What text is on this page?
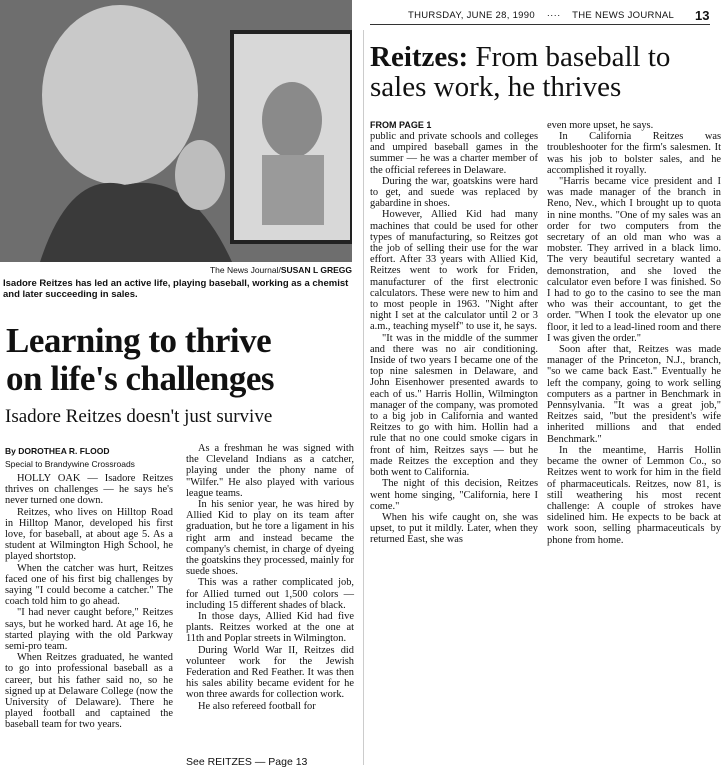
The News Journal/SUSAN L GREGG
Isadore Reitzes has led an active life, playing baseball, working as a chemist and later succeeding in sales.
Learning to thrive
on life's challenges
Isadore Reitzes doesn't just survive
By DOROTHEA R. FLOOD
Special to Brandywine Crossroads

HOLLY OAK — Isadore Reitzes thrives on challenges — he says he's never turned one down.

Reitzes, who lives on Hilltop Road in Hilltop Manor, developed his first love, for baseball, at about age 5. As a student at Wilmington High School, he played shortstop.

When the catcher was hurt, Reitzes faced one of his first big challenges by saying "I could become a catcher." The coach told him to go ahead.

"I had never caught before," Reitzes says, but he worked hard. At age 16, he started playing with the old Parkway semi-pro team.

When Reitzes graduated, he wanted to go into professional baseball as a career, but his father said no, so he signed up at Delaware College (now the University of Delaware). There he played football and captained the baseball team for two years.

As a freshman he was signed with the Cleveland Indians as a catcher, playing under the phony name of "Wilfer." He also played with various league teams.

In his senior year, he was hired by Allied Kid to play on its team after graduation, but he tore a ligament in his right arm and instead became the company's chemist, in charge of dyeing the goatskins they processed, mainly for suede shoes.

This was a rather complicated job, for Allied turned out 1,500 colors — including 15 different shades of black.

In those days, Allied Kid had five plants. Reitzes worked at the one at 11th and Poplar streets in Wilmington.

During World War II, Reitzes did volunteer work for the Jewish Federation and Red Feather. It was then his sales ability became evident for he won three awards for collection work.

He also refereed football for

See REITZES — Page 13
THURSDAY, JUNE 28, 1990 ···· THE NEWS JOURNAL 13
Reitzes: From baseball to sales work, he thrives
FROM PAGE 1

public and private schools and colleges and umpired baseball games in the summer — he was a charter member of the official referees in Delaware.

During the war, goatskins were hard to get, and suede was replaced by gabardine in shoes.

However, Allied Kid had many machines that could be used for other types of manufacturing, so Reitzes got the job of selling their use for the war effort. After 33 years with Allied Kid, Reitzes went to work for Friden, manufacturer of the first electronic calculators. These were new to him and to most people in 1963. "Night after night I set at the calculator until 2 or 3 a.m., teaching myself" to use it, he says.

"It was in the middle of the summer and there was no air conditioning. Inside of two years I became one of the top nine salesmen in Delaware, and John Eisenhower presented awards to each of us." Harris Hollin, Wilmington manager of the company, was promoted to a big job in California and wanted Reitzes to go with him. Hollin had a rule that no one could smoke cigars in front of him, Reitzes says — but he made Reitzes the exception and they both went to California.

The night of this decision, Reitzes went home singing, "California, here I come."

When his wife caught on, she was upset, to put it mildly. Later, when they returned East, she was

even more upset, he says.

In California Reitzes was troubleshooter for the firm's salesmen. It was his job to bolster sales, and he accomplished it royally.

"Harris became vice president and I was made manager of the branch in Reno, Nev., which I brought up to quota in nine months. "One of my sales was an order for two computers from the secretary of an old man who was a mobster. They arrived in a black limo. The very beautiful secretary wanted a demonstration, and she loved the calculator even before I was finished. So I had to go to the casino to see the man who was their accountant, to get the order. "When I took the elevator up one floor, it led to a lead-lined room and there I was given the order."

Soon after that, Reitzes was made manager of the Princeton, N.J., branch, "so we came back East." Eventually he left the company, going to work selling computers as a partner in Benchmark in Pennsylvania. "It was a great job," Reitzes said, "but the president's wife inherited millions and that ended Benchmark."

In the meantime, Harris Hollin became the owner of Lemmon Co., so Reitzes went to work for him in the field of pharmaceuticals. Reitzes, now 81, is still weathering his most recent challenge: A couple of strokes have sidelined him. He expects to be back at work soon, selling pharmaceuticals by phone from home.
